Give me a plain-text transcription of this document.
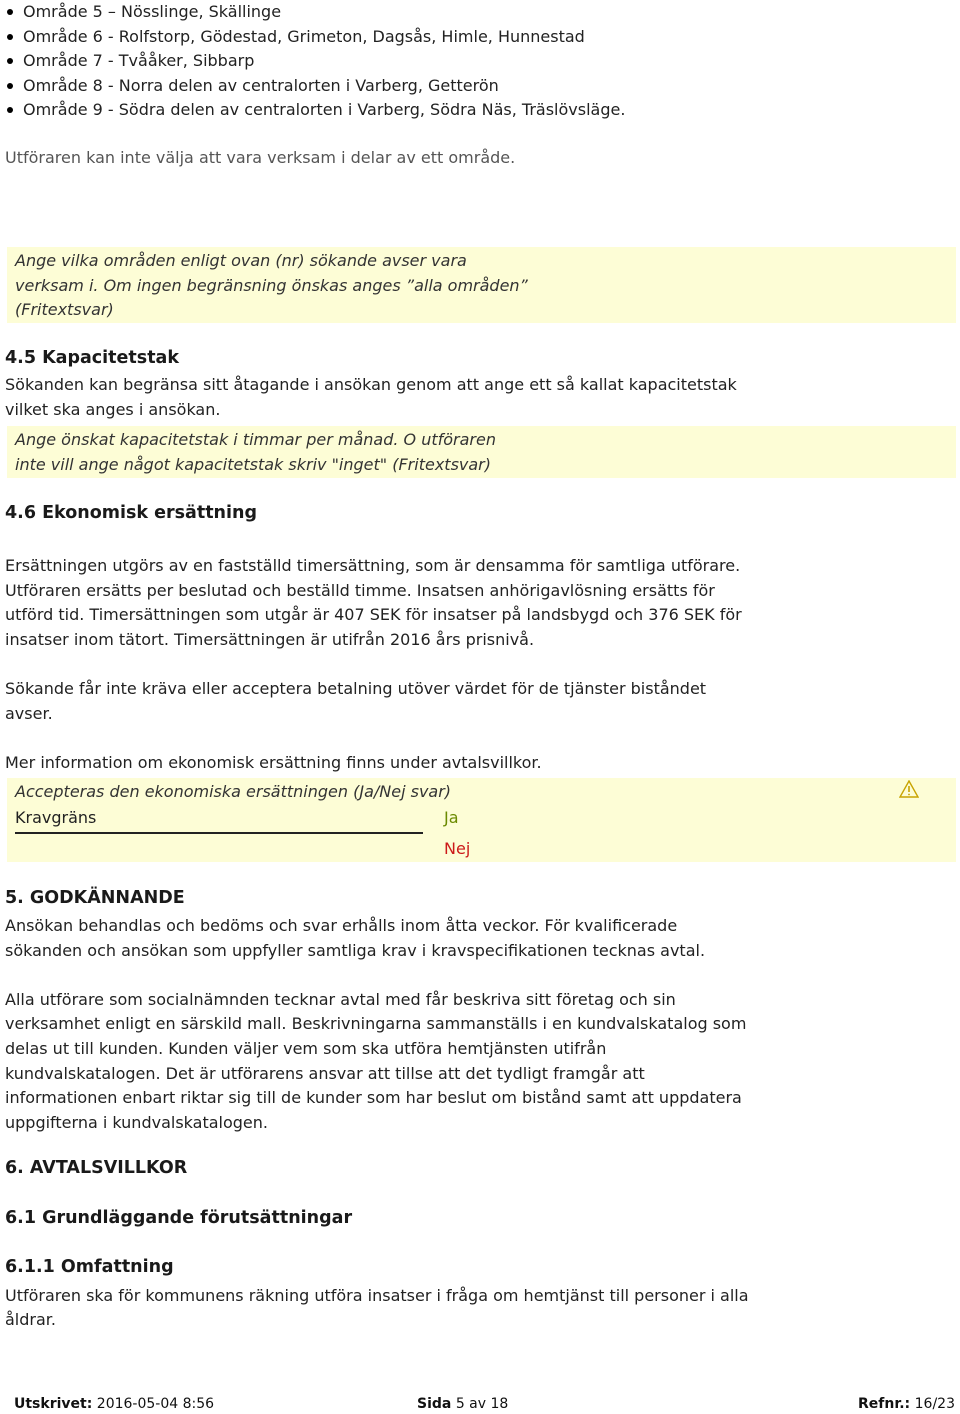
Område 5 – Nösslinge, Skällinge
Område 6 - Rolfstorp, Gödestad, Grimeton, Dagsås, Himle, Hunnestad
Område 7 - Tvååker, Sibbarp
Område 8 - Norra delen av centralorten i Varberg, Getterön
Område 9 - Södra delen av centralorten i Varberg, Södra Näs, Träslövsläge.
Utföraren kan inte välja att vara verksam i delar av ett område.
Ange vilka områden enligt ovan (nr) sökande avser vara
verksam i. Om ingen begränsning önskas anges ”alla områden”
(Fritextsvar)
4.5 Kapacitetstak
Sökanden kan begränsa sitt åtagande i ansökan genom att ange ett så kallat kapacitetstak
vilket ska anges i ansökan.
Ange önskat kapacitetstak i timmar per månad. O utföraren
inte vill ange något kapacitetstak skriv "inget" (Fritextsvar)
4.6 Ekonomisk ersättning
Ersättningen utgörs av en fastställd timersättning, som är densamma för samtliga utförare.
Utföraren ersätts per beslutad och beställd timme. Insatsen anhörigavlösning ersätts för
utförd tid. Timersättningen som utgår är 407 SEK för insatser på landsbygd och 376 SEK för
insatser inom tätort. Timersättningen är utifrån 2016 års prisnivå.
Sökande får inte kräva eller acceptera betalning utöver värdet för de tjänster biståndet
avser.
Mer information om ekonomisk ersättning finns under avtalsvillkor.
Accepteras den ekonomiska ersättningen (Ja/Nej svar)
Kravgräns	Ja
Nej
5. GODKÄNNANDE
Ansökan behandlas och bedöms och svar erhålls inom åtta veckor. För kvalificerade
sökanden och ansökan som uppfyller samtliga krav i kravspecifikationen tecknas avtal.
Alla utförare som socialnämnden tecknar avtal med får beskriva sitt företag och sin
verksamhet enligt en särskild mall. Beskrivningarna sammanställs i en kundvalskatalog som
delas ut till kunden. Kunden väljer vem som ska utföra hemtjänsten utifrån
kundvalskatalogen. Det är utförarens ansvar att tillse att det tydligt framgår att
informationen enbart riktar sig till de kunder som har beslut om bistånd samt att uppdatera
uppgifterna i kundvalskatalogen.
6. AVTALSVILLKOR
6.1 Grundläggande förutsättningar
6.1.1 Omfattning
Utföraren ska för kommunens räkning utföra insatser i fråga om hemtjänst till personer i alla
åldrar.
Utskrivet: 2016-05-04 8:56	Sida 5 av 18	Refnr.: 16/23
